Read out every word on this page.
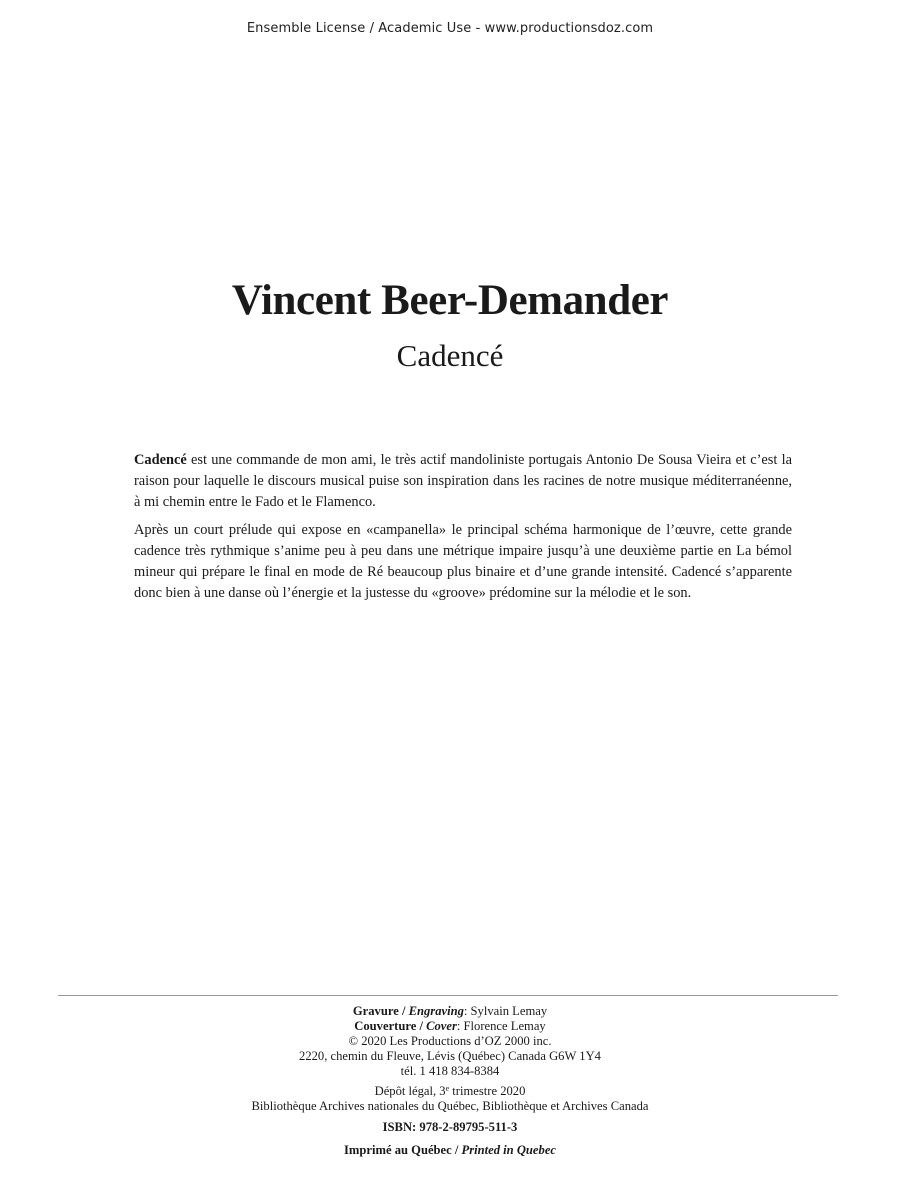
Ensemble License / Academic Use - www.productionsdoz.com
Vincent Beer-Demander
Cadencé

Cadencé est une commande de mon ami, le très actif mandoliniste portugais Antonio De Sousa Vieira et c’est la raison pour laquelle le discours musical puise son inspiration dans les racines de notre musique méditerranéenne, à mi chemin entre le Fado et le Flamenco.

Après un court prélude qui expose en «campanella» le principal schéma harmonique de l’œuvre, cette grande cadence très rythmique s’anime peu à peu dans une métrique impaire jusqu’à une deuxième partie en La bémol mineur qui prépare le final en mode de Ré beaucoup plus binaire et d’une grande intensité. Cadencé s’apparente donc bien à une danse où l’énergie et la justesse du «groove» prédomine sur la mélodie et le son.

Gravure / Engraving: Sylvain Lemay
Couverture / Cover: Florence Lemay
© 2020 Les Productions d’OZ 2000 inc.
2220, chemin du Fleuve, Lévis (Québec) Canada G6W 1Y4
tél. 1 418 834-8384
Dépôt légal, 3e trimestre 2020
Bibliothèque Archives nationales du Québec, Bibliothèque et Archives Canada
ISBN: 978-2-89795-511-3
Imprimé au Québec / Printed in Quebec
